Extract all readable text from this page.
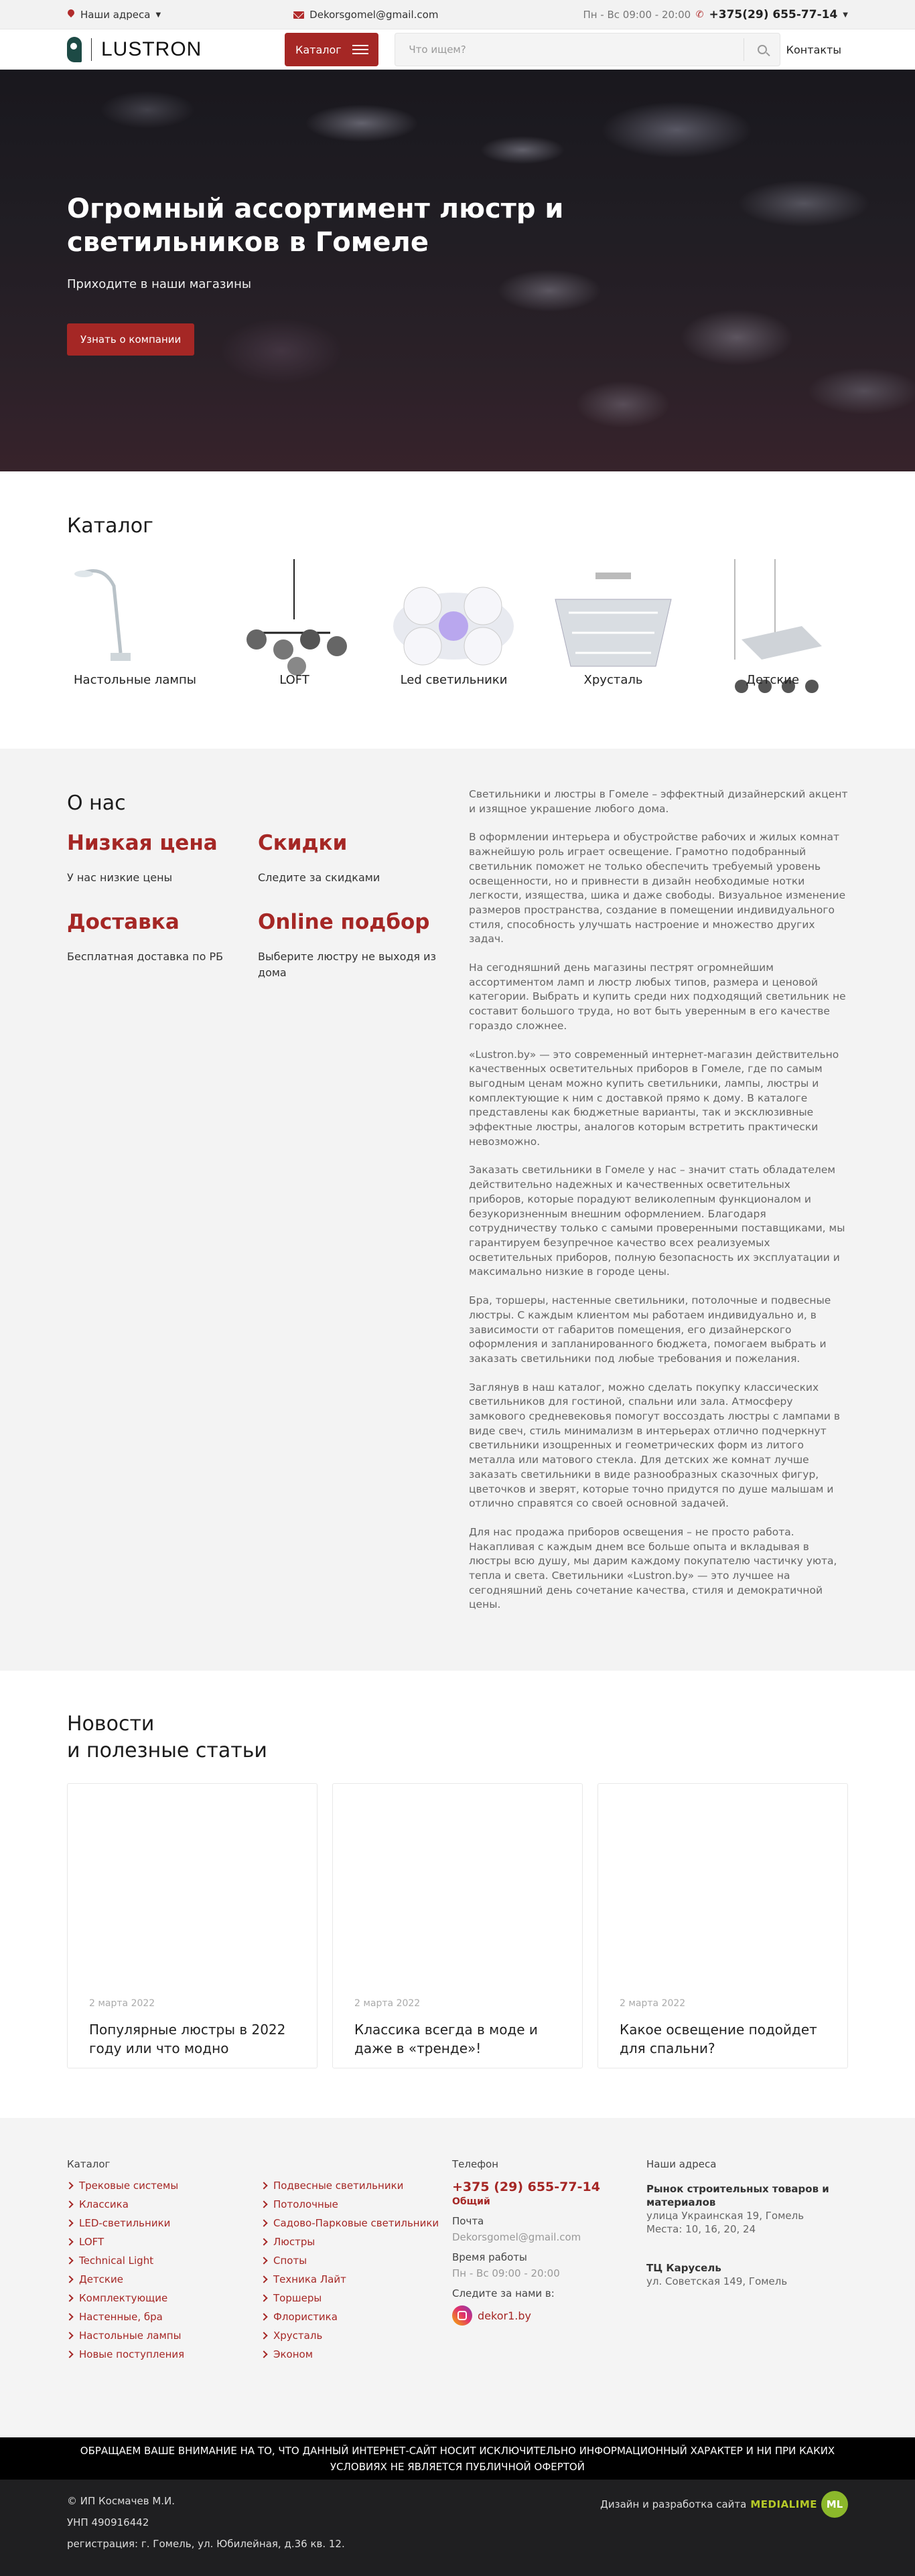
Наши адреса ▼	Dekorsgomel@gmail.com	Пн - Вс 09:00 - 20:00 ✆ +375(29) 655-77-14 ▼
LUSTRON	Каталог
Что ищем?	Контакты
Огромный ассортимент люстр и светильников в Гомеле

Приходите в наши магазины

Узнать о компании
Каталог
Настольные лампы	LOFT	Led светильники	Хрусталь	Детские
О нас
Низкая цена

У нас низкие цены

Скидки

Следите за скидками

Доставка

Бесплатная доставка по РБ

Online подбор

Выберите люстру не выходя из дома

Светильники и люстры в Гомеле – эффектный дизайнерский акцент и изящное украшение любого дома.

В оформлении интерьера и обустройстве рабочих и жилых комнат важнейшую роль играет освещение. Грамотно подобранный светильник поможет не только обеспечить требуемый уровень освещенности, но и привнести в дизайн необходимые нотки легкости, изящества, шика и даже свободы. Визуальное изменение размеров пространства, создание в помещении индивидуального стиля, способность улучшать настроение и множество других задач.

На сегодняшний день магазины пестрят огромнейшим ассортиментом ламп и люстр любых типов, размера и ценовой категории. Выбрать и купить среди них подходящий светильник не составит большого труда, но вот быть уверенным в его качестве гораздо сложнее.

«Lustron.by» — это современный интернет-магазин действительно качественных осветительных приборов в Гомеле, где по самым выгодным ценам можно купить светильники, лампы, люстры и комплектующие к ним с доставкой прямо к дому. В каталоге представлены как бюджетные варианты, так и эксклюзивные эффектные люстры, аналогов которым встретить практически невозможно.

Заказать светильники в Гомеле у нас – значит стать обладателем действительно надежных и качественных осветительных приборов, которые порадуют великолепным функционалом и безукоризненным внешним оформлением. Благодаря сотрудничеству только с самыми проверенными поставщиками, мы гарантируем безупречное качество всех реализуемых осветительных приборов, полную безопасность их эксплуатации и максимально низкие в городе цены.

Бра, торшеры, настенные светильники, потолочные и подвесные люстры. С каждым клиентом мы работаем индивидуально и, в зависимости от габаритов помещения, его дизайнерского оформления и запланированного бюджета, помогаем выбрать и заказать светильники под любые требования и пожелания.

Заглянув в наш каталог, можно сделать покупку классических светильников для гостиной, спальни или зала. Атмосферу замкового средневековья помогут воссоздать люстры с лампами в виде свеч, стиль минимализм в интерьерах отлично подчеркнут светильники изощренных и геометрических форм из литого металла или матового стекла. Для детских же комнат лучше заказать светильники в виде разнообразных сказочных фигур, цветочков и зверят, которые точно придутся по душе малышам и отлично справятся со своей основной задачей.

Для нас продажа приборов освещения – не просто работа. Накапливая с каждым днем все больше опыта и вкладывая в люстры всю душу, мы дарим каждому покупателю частичку уюта, тепла и света. Светильники «Lustron.by» — это лучшее на сегодняшний день сочетание качества, стиля и демократичной цены.

Новости
и полезные статьи
2 марта 2022
Популярные люстры в 2022 году или что модно
2 марта 2022
Классика всегда в моде и даже в «тренде»!
2 марта 2022
Какое освещение подойдет для спальни?
Каталог
Трековые системы	Подвесные светильники
Классика	Потолочные
LED-светильники	Садово-Парковые светильники
LOFT	Люстры
Technical Light	Споты
Детские	Техника Лайт
Комплектующие	Торшеры
Настенные, бра	Флористика
Настольные лампы	Хрусталь
Новые поступления	Эконом
Телефон
+375 (29) 655-77-14
Общий
Почта
Dekorsgomel@gmail.com
Время работы
Пн - Вс 09:00 - 20:00
Следите за нами в:
dekor1.by
Наши адреса
Рынок строительных товаров и материалов
улица Украинская 19, Гомель
Места: 10, 16, 20, 24
ТЦ Карусель
ул. Советская 149, Гомель
ОБРАЩАЕМ ВАШЕ ВНИМАНИЕ НА ТО, ЧТО ДАННЫЙ ИНТЕРНЕТ-САЙТ НОСИТ ИСКЛЮЧИТЕЛЬНО ИНФОРМАЦИОННЫЙ ХАРАКТЕР И НИ ПРИ КАКИХ УСЛОВИЯХ НЕ ЯВЛЯЕТСЯ ПУБЛИЧНОЙ ОФЕРТОЙ
© ИП Космачев М.И.
УНП 490916442
регистрация: г. Гомель, ул. Юбилейная, д.36 кв. 12.
Дизайн и разработка сайта MEDIALIME ML
